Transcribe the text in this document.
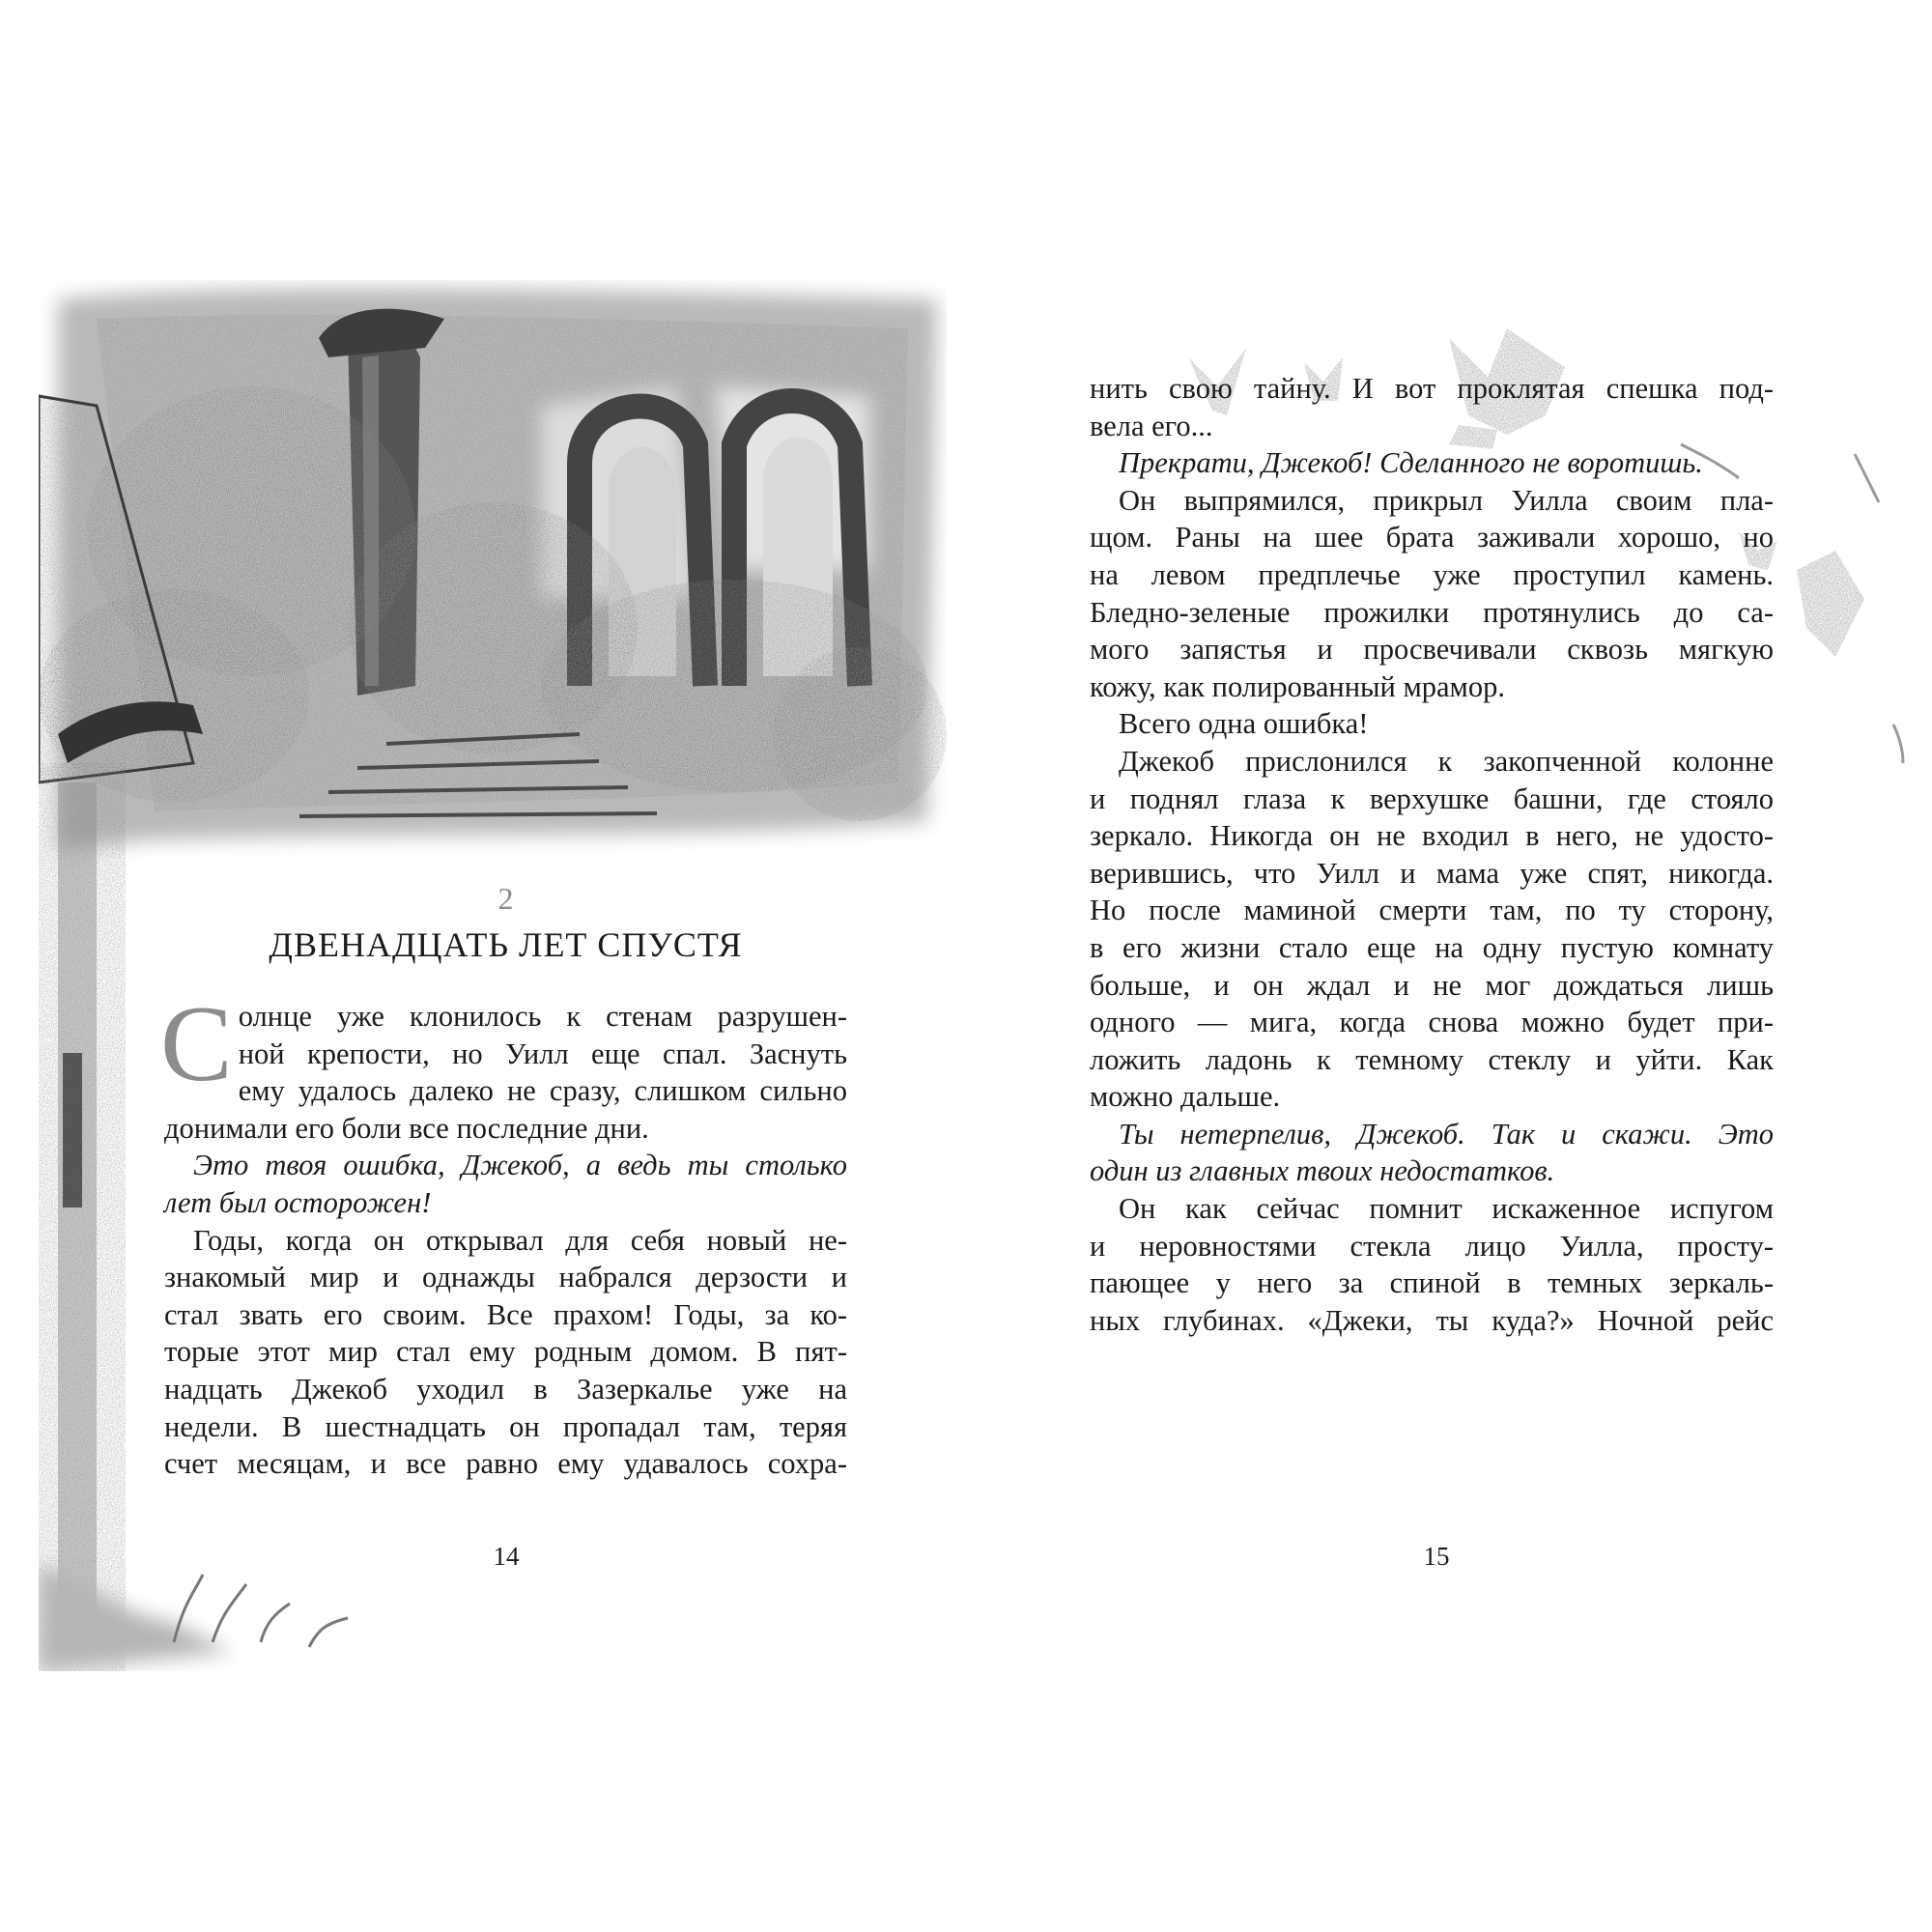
2
ДВЕНАДЦАТЬ ЛЕТ СПУСТЯ
С олнце уже клонилось к стенам разрушен-
ной крепости, но Уилл еще спал. Заснуть
ему удалось далеко не сразу, слишком сильно
донимали его боли все последние дни.
Это твоя ошибка, Джекоб, а ведь ты столько
лет был осторожен!
Годы, когда он открывал для себя новый не-
знакомый мир и однажды набрался дерзости и
стал звать его своим. Все прахом! Годы, за ко-
торые этот мир стал ему родным домом. В пят-
надцать Джекоб уходил в Зазеркалье уже на
недели. В шестнадцать он пропадал там, теряя
счет месяцам, и все равно ему удавалось сохра-
14
нить свою тайну. И вот проклятая спешка под-
вела его...
Прекрати, Джекоб! Сделанного не воротишь.
Он выпрямился, прикрыл Уилла своим пла-
щом. Раны на шее брата заживали хорошо, но
на левом предплечье уже проступил камень.
Бледно-зеленые прожилки протянулись до са-
мого запястья и просвечивали сквозь мягкую
кожу, как полированный мрамор.
Всего одна ошибка!
Джекоб прислонился к закопченной колонне
и поднял глаза к верхушке башни, где стояло
зеркало. Никогда он не входил в него, не удосто-
верившись, что Уилл и мама уже спят, никогда.
Но после маминой смерти там, по ту сторону,
в его жизни стало еще на одну пустую комнату
больше, и он ждал и не мог дождаться лишь
одного — мига, когда снова можно будет при-
ложить ладонь к темному стеклу и уйти. Как
можно дальше.
Ты нетерпелив, Джекоб. Так и скажи. Это
один из главных твоих недостатков.
Он как сейчас помнит искаженное испугом
и неровностями стекла лицо Уилла, просту-
пающее у него за спиной в темных зеркаль-
ных глубинах. «Джеки, ты куда?» Ночной рейс
15
